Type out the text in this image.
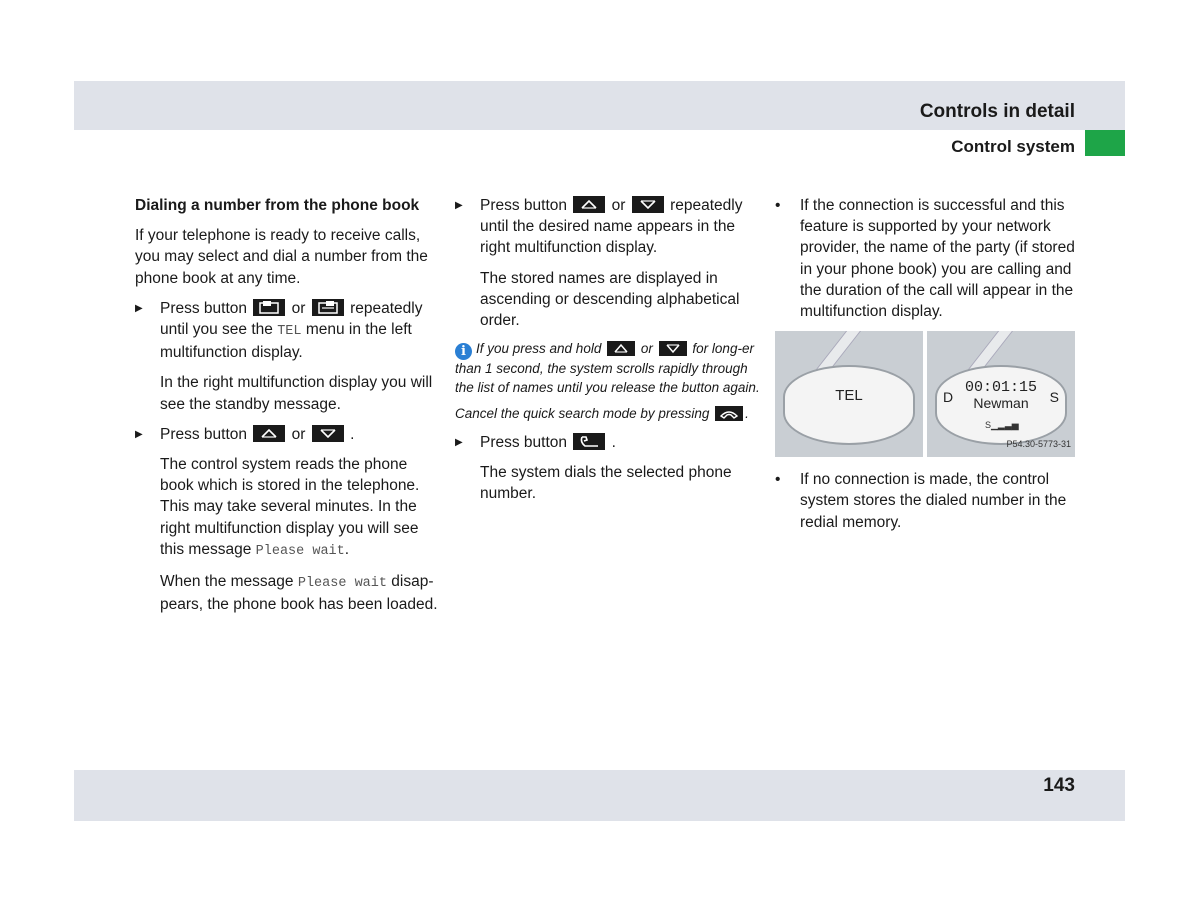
Controls in detail
Control system
Dialing a number from the phone book

If your telephone is ready to receive calls, you may select and dial a number from the phone book at any time.

▶ Press button	or	repeatedly until you see the TEL menu in the left multifunction display.
In the right multifunction display you will see the standby message.
▶ Press button	or	.
The control system reads the phone book which is stored in the telephone. This may take several minutes. In the right multifunction display you will see this message Please wait.
When the message Please wait disap-pears, the phone book has been loaded.
▶ Press button	or	repeatedly until the desired name appears in the right multifunction display.
The stored names are displayed in ascending or descending alphabetical order.
i If you press and hold	or	for long-er than 1 second, the system scrolls rapidly through the list of names until you release the button again.
Cancel the quick search mode by pressing	.
▶ Press button	.
The system dials the selected phone number.
• If the connection is successful and this feature is supported by your network provider, the name of the party (if stored in your phone book) you are calling and the duration of the call will appear in the multifunction display.
TEL	D	S
00:01:15
Newman
S▁▂▃▅
P54.30-5773-31
• If no connection is made, the control system stores the dialed number in the redial memory.
143
